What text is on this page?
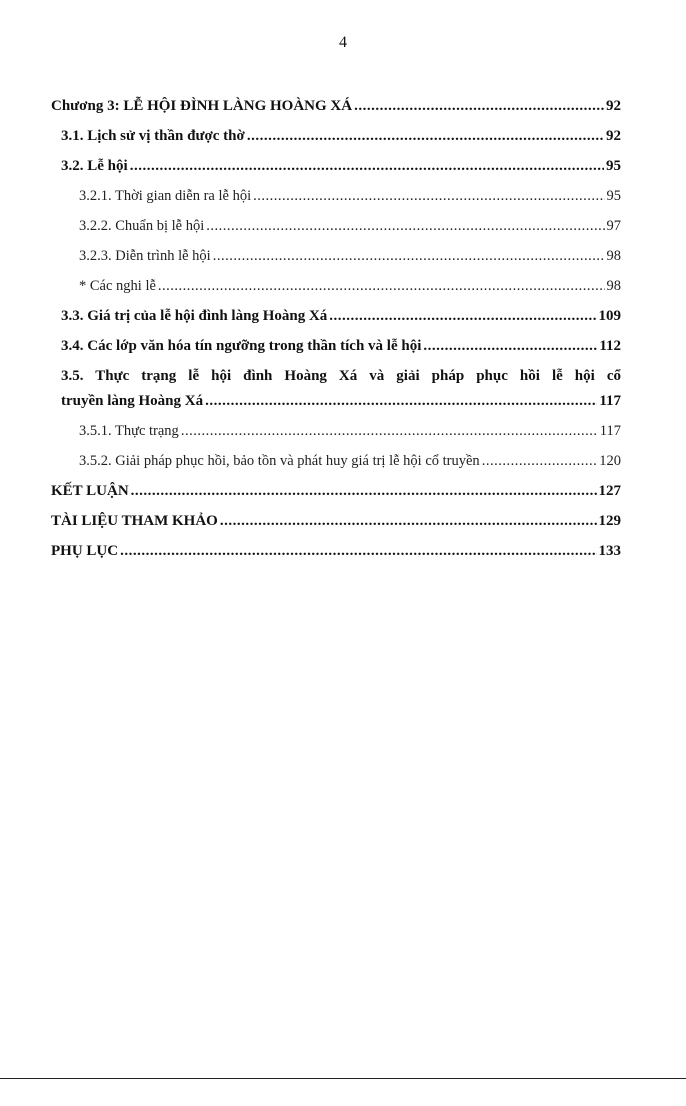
4
Chương 3: LỄ HỘI ĐÌNH LÀNG HOÀNG XÁ .....	92
3.1. Lịch sử vị thần được thờ .....	92
3.2. Lễ hội .....	95
3.2.1. Thời gian diễn ra lễ hội .....	95
3.2.2. Chuẩn bị lễ hội .....	97
3.2.3. Diễn trình lễ hội .....	98
* Các nghi lễ .....	98
3.3. Giá trị của lễ hội đình làng Hoàng Xá .....	109
3.4. Các lớp văn hóa tín ngưỡng trong thần tích và lễ hội .....	112
3.5. Thực trạng lễ hội đình Hoàng Xá và giải pháp phục hồi lễ hội cổ
truyền làng Hoàng Xá .....	117
3.5.1. Thực trạng .....	117
3.5.2. Giải pháp phục hồi, bảo tồn và phát huy giá trị lễ hội cổ truyền .....	120
KẾT LUẬN .....	127
TÀI LIỆU THAM KHẢO .....	129
PHỤ LỤC .....	133
